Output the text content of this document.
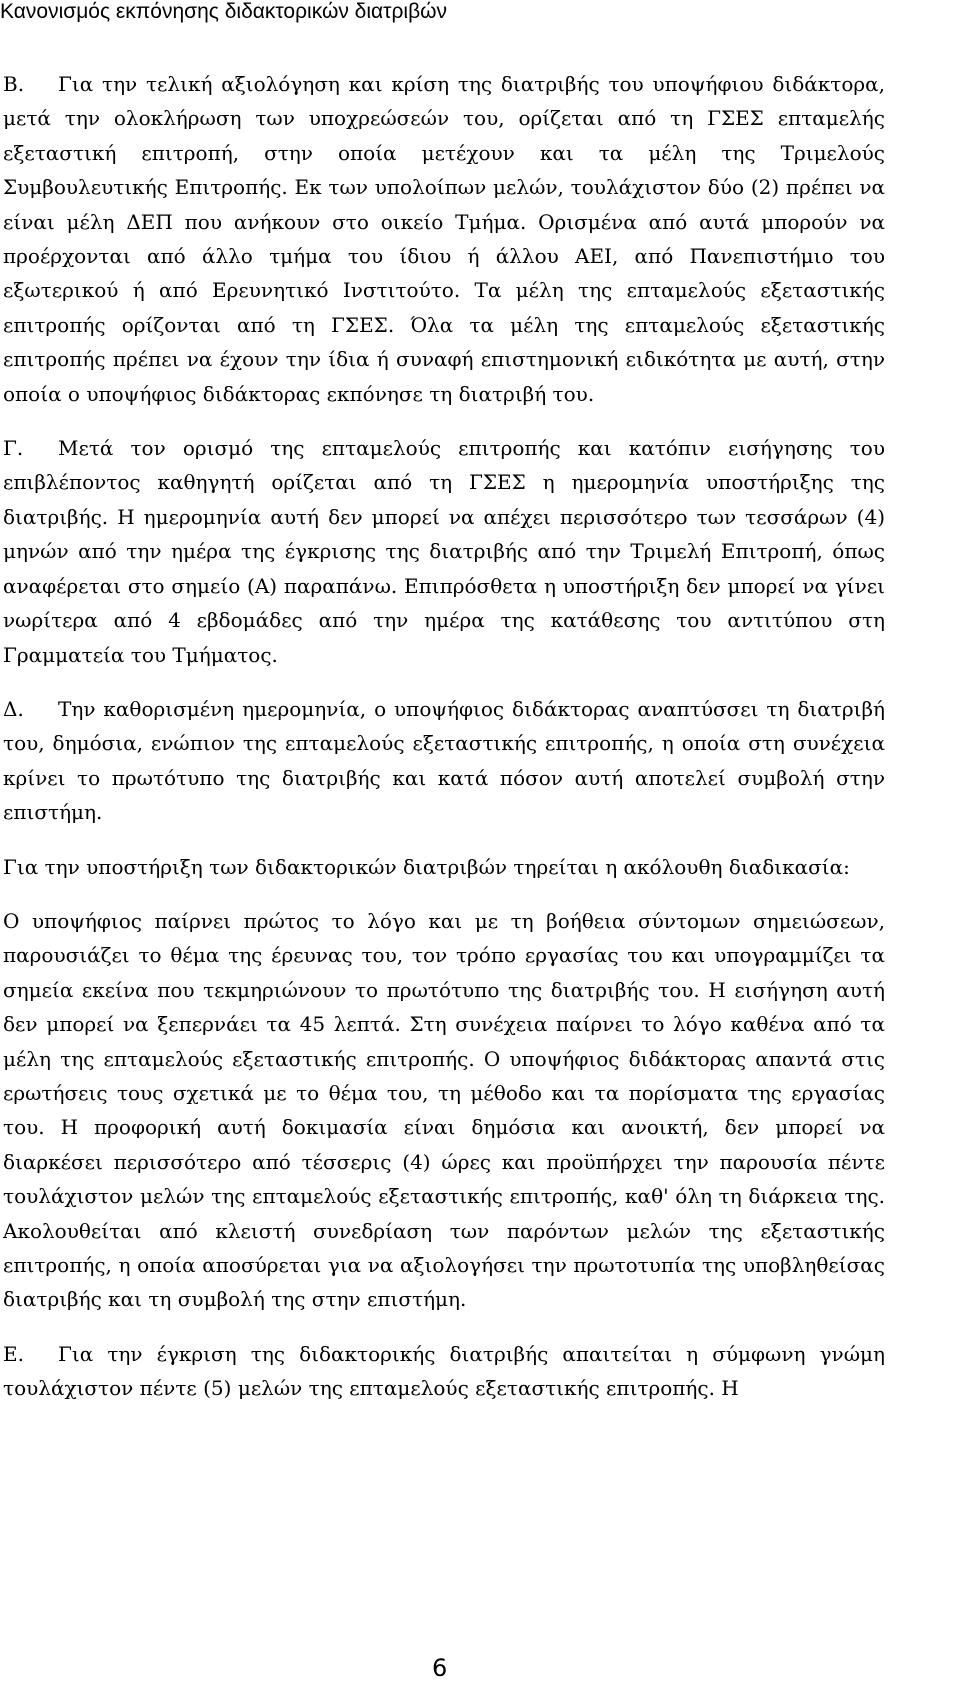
Κανονισμός εκπόνησης διδακτορικών διατριβών

Β. Για την τελική αξιολόγηση και κρίση της διατριβής του υποψήφιου διδάκτορα, μετά την ολοκλήρωση των υποχρεώσεών του, ορίζεται από τη ΓΣΕΣ επταμελής εξεταστική επιτροπή, στην οποία μετέχουν και τα μέλη της Τριμελούς Συμβουλευτικής Επιτροπής. Εκ των υπολοίπων μελών, τουλάχιστον δύο (2) πρέπει να είναι μέλη ΔΕΠ που ανήκουν στο οικείο Τμήμα. Ορισμένα από αυτά μπορούν να προέρχονται από άλλο τμήμα του ίδιου ή άλλου ΑΕΙ, από Πανεπιστήμιο του εξωτερικού ή από Ερευνητικό Ινστιτούτο. Τα μέλη της επταμελούς εξεταστικής επιτροπής ορίζονται από τη ΓΣΕΣ. Όλα τα μέλη της επταμελούς εξεταστικής επιτροπής πρέπει να έχουν την ίδια ή συναφή επιστημονική ειδικότητα με αυτή, στην οποία ο υποψήφιος διδάκτορας εκπόνησε τη διατριβή του.

Γ. Μετά τον ορισμό της επταμελούς επιτροπής και κατόπιν εισήγησης του επιβλέποντος καθηγητή ορίζεται από τη ΓΣΕΣ η ημερομηνία υποστήριξης της διατριβής. Η ημερομηνία αυτή δεν μπορεί να απέχει περισσότερο των τεσσάρων (4) μηνών από την ημέρα της έγκρισης της διατριβής από την Τριμελή Επιτροπή, όπως αναφέρεται στο σημείο (Α) παραπάνω. Επιπρόσθετα η υποστήριξη δεν μπορεί να γίνει νωρίτερα από 4 εβδομάδες από την ημέρα της κατάθεσης του αντιτύπου στη Γραμματεία του Τμήματος.

Δ. Την καθορισμένη ημερομηνία, ο υποψήφιος διδάκτορας αναπτύσσει τη διατριβή του, δημόσια, ενώπιον της επταμελούς εξεταστικής επιτροπής, η οποία στη συνέχεια κρίνει το πρωτότυπο της διατριβής και κατά πόσον αυτή αποτελεί συμβολή στην επιστήμη.

Για την υποστήριξη των διδακτορικών διατριβών τηρείται η ακόλουθη διαδικασία:

Ο υποψήφιος παίρνει πρώτος το λόγο και με τη βοήθεια σύντομων σημειώσεων, παρουσιάζει το θέμα της έρευνας του, τον τρόπο εργασίας του και υπογραμμίζει τα σημεία εκείνα που τεκμηριώνουν το πρωτότυπο της διατριβής του. Η εισήγηση αυτή δεν μπορεί να ξεπερνάει τα 45 λεπτά. Στη συνέχεια παίρνει το λόγο καθένα από τα μέλη της επταμελούς εξεταστικής επιτροπής. Ο υποψήφιος διδάκτορας απαντά στις ερωτήσεις τους σχετικά με το θέμα του, τη μέθοδο και τα πορίσματα της εργασίας του. Η προφορική αυτή δοκιμασία είναι δημόσια και ανοικτή, δεν μπορεί να διαρκέσει περισσότερο από τέσσερις (4) ώρες και προϋπήρχει την παρουσία πέντε τουλάχιστον μελών της επταμελούς εξεταστικής επιτροπής, καθ' όλη τη διάρκεια της. Ακολουθείται από κλειστή συνεδρίαση των παρόντων μελών της εξεταστικής επιτροπής, η οποία αποσύρεται για να αξιολογήσει την πρωτοτυπία της υποβληθείσας διατριβής και τη συμβολή της στην επιστήμη.

Ε. Για την έγκριση της διδακτορικής διατριβής απαιτείται η σύμφωνη γνώμη τουλάχιστον πέντε (5) μελών της επταμελούς εξεταστικής επιτροπής. Η

6
